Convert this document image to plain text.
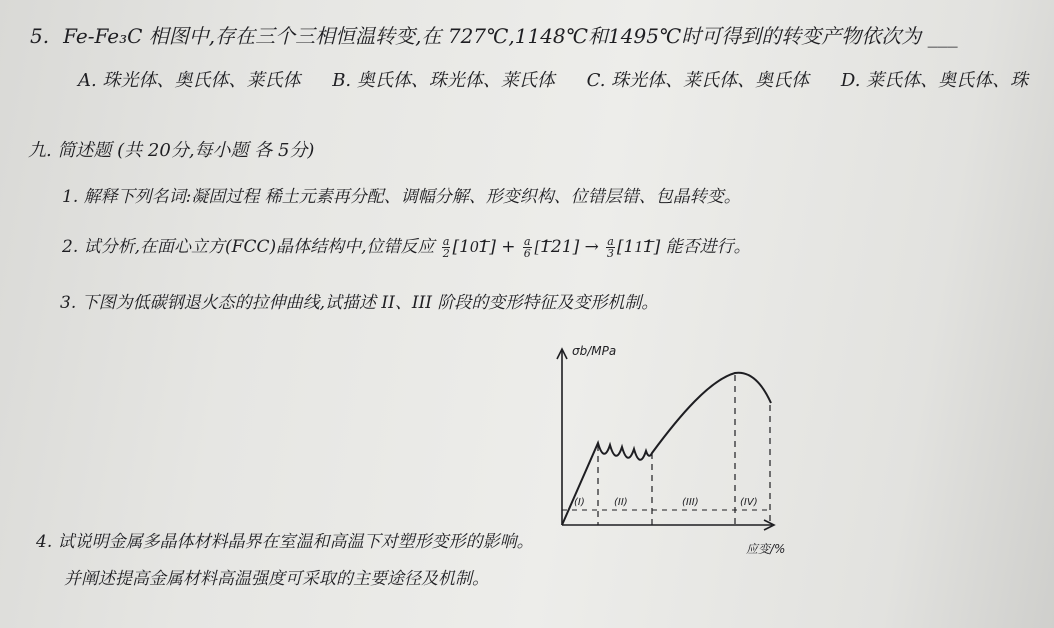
5. Fe-Fe₃C 相图中,存在三个三相恒温转变,在 727℃,1148℃和1495℃时可得到的转变产物依次为 ___
A. 珠光体、奥氏体、莱氏体 B. 奥氏体、珠光体、莱氏体 C. 珠光体、莱氏体、奥氏体 D. 莱氏体、奥氏体、珠
九. 简述题 (共 20分,每小题 各 5分)
1. 解释下列名词:凝固过程 稀土元素再分配、调幅分解、形变织构、位错层错、包晶转变。
2. 试分析,在面心立方(FCC)晶体结构中,位错反应 $\frac{a}{2}$ [10͞1] + $\frac{a}{6}$ [͞121] → $\frac{a}{3}$ [11͞1] 能否进行。
3. 下图为低碳钢退火态的拉伸曲线,试描述 II、III 阶段的变形特征及变形机制。
σb/MPa
应变/%
(I)	(II)	(III)	(IV)
4. 试说明金属多晶体材料晶界在室温和高温下对塑形变形的影响。
并阐述提高金属材料高温强度可采取的主要途径及机制。
